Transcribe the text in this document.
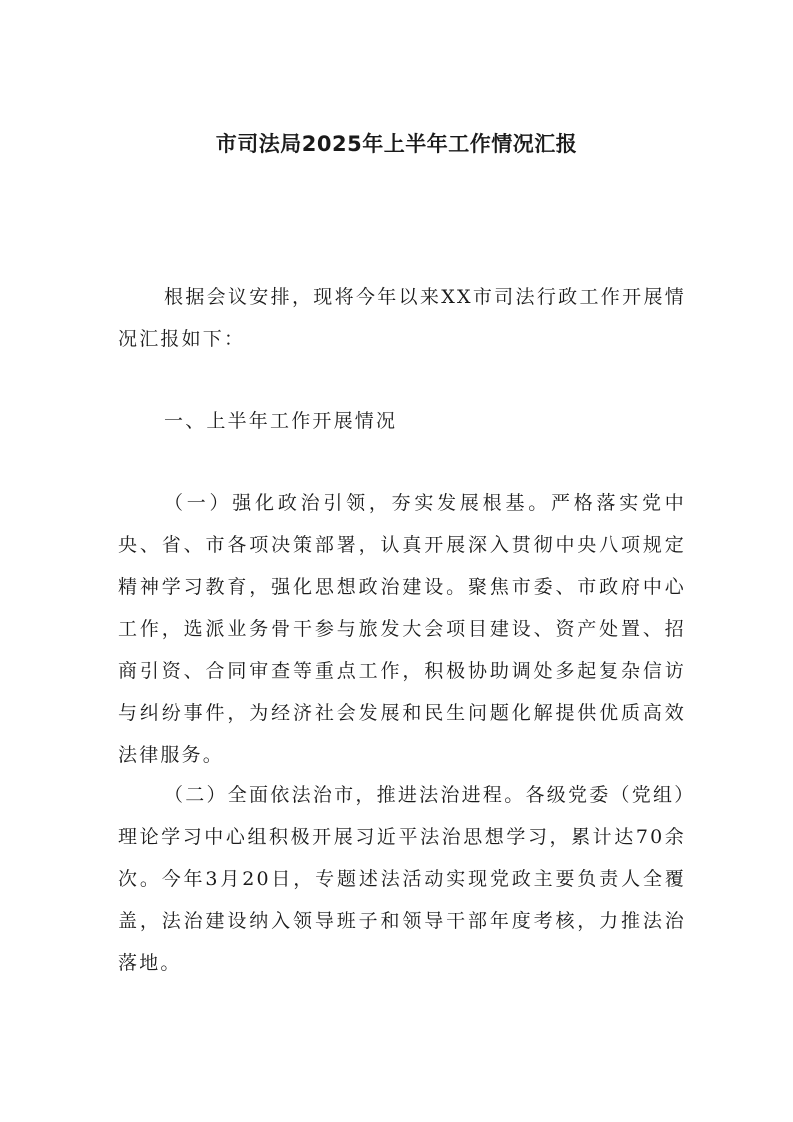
市司法局2025年上半年工作情况汇报

根据会议安排，现将今年以来XX市司法行政工作开展情况汇报如下：

一、上半年工作开展情况

（一）强化政治引领，夯实发展根基。严格落实党中央、省、市各项决策部署，认真开展深入贯彻中央八项规定精神学习教育，强化思想政治建设。聚焦市委、市政府中心工作，选派业务骨干参与旅发大会项目建设、资产处置、招商引资、合同审查等重点工作，积极协助调处多起复杂信访与纠纷事件，为经济社会发展和民生问题化解提供优质高效法律服务。

（二）全面依法治市，推进法治进程。各级党委（党组）理论学习中心组积极开展习近平法治思想学习，累计达70余次。今年3月20日，专题述法活动实现党政主要负责人全覆盖，法治建设纳入领导班子和领导干部年度考核，力推法治落地。
